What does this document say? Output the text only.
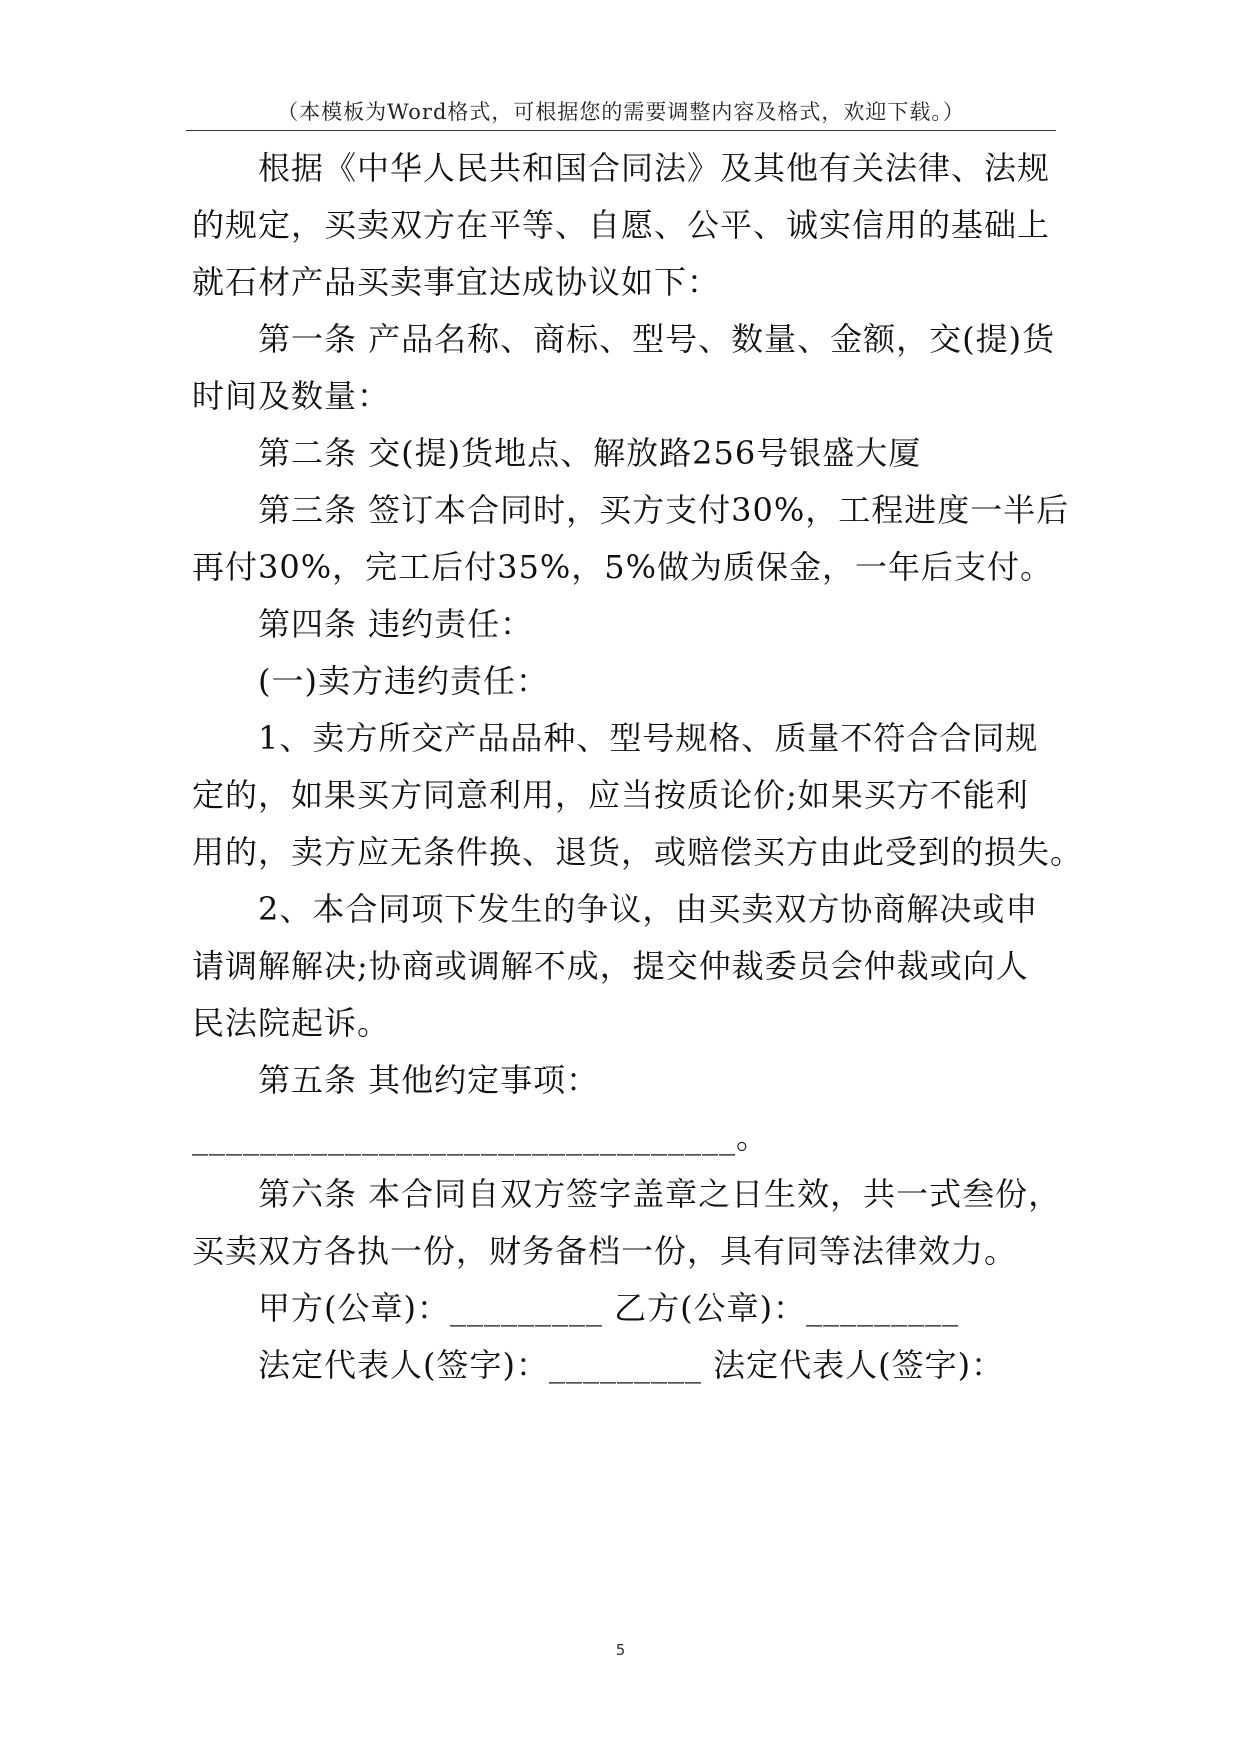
（本模板为Word格式，可根据您的需要调整内容及格式，欢迎下载。）
根据《中华人民共和国合同法》及其他有关法律、法规
的规定，买卖双方在平等、自愿、公平、诚实信用的基础上
就石材产品买卖事宜达成协议如下：
第一条 产品名称、商标、型号、数量、金额，交(提)货
时间及数量：
第二条 交(提)货地点、解放路256号银盛大厦
第三条 签订本合同时，买方支付30%，工程进度一半后
再付30%，完工后付35%，5%做为质保金，一年后支付。
第四条 违约责任：
(一)卖方违约责任：
1、卖方所交产品品种、型号规格、质量不符合合同规
定的，如果买方同意利用，应当按质论价;如果买方不能利
用的，卖方应无条件换、退货，或赔偿买方由此受到的损失。
2、本合同项下发生的争议，由买卖双方协商解决或申
请调解解决;协商或调解不成，提交仲裁委员会仲裁或向人
民法院起诉。
第五条 其他约定事项：
________________________________。
第六条 本合同自双方签字盖章之日生效，共一式叁份，
买卖双方各执一份，财务备档一份，具有同等法律效力。
甲方(公章)：_________ 乙方(公章)：_________
法定代表人(签字)：_________ 法定代表人(签字)：
5
